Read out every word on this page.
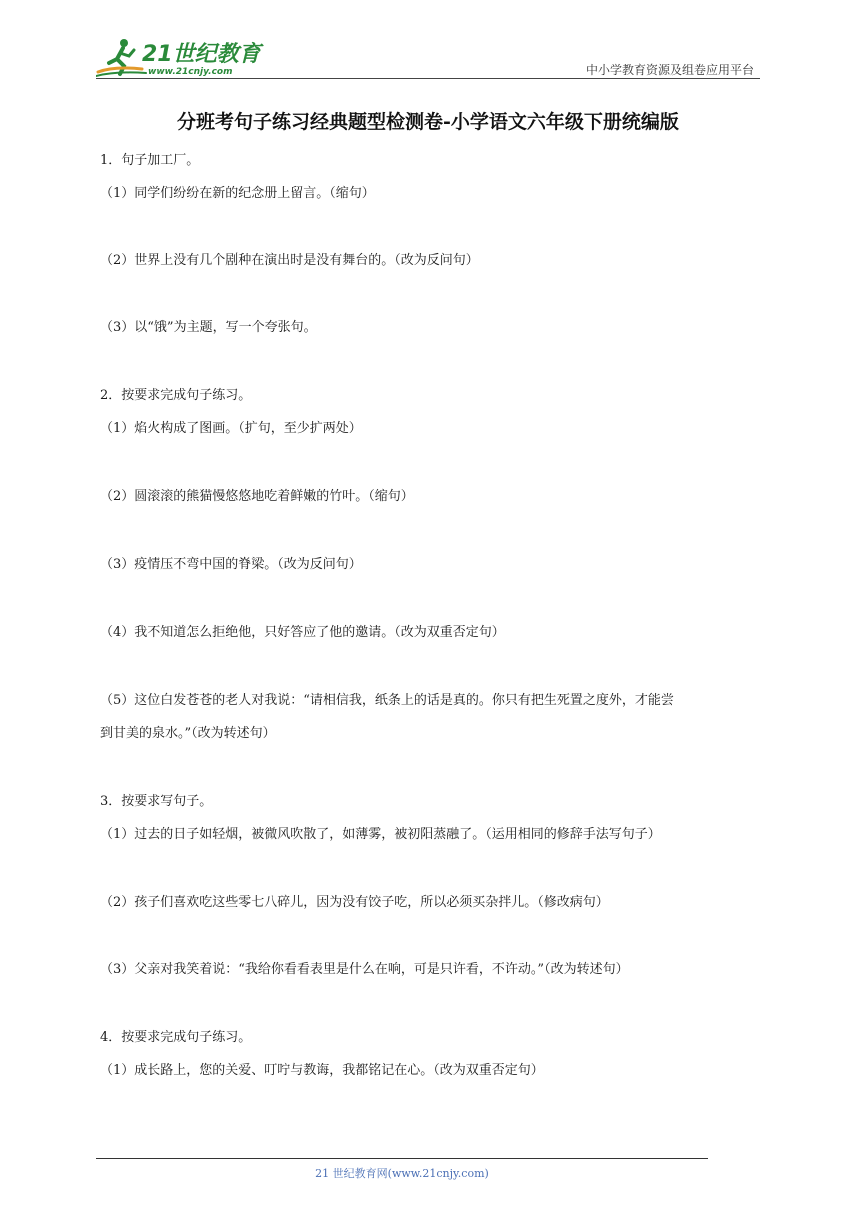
21世纪教育
www.21cnjy.com	中小学教育资源及组卷应用平台
分班考句子练习经典题型检测卷-小学语文六年级下册统编版
1．句子加工厂。
（1）同学们纷纷在新的纪念册上留言。（缩句）
（2）世界上没有几个剧种在演出时是没有舞台的。（改为反问句）
（3）以“饿”为主题，写一个夸张句。
2．按要求完成句子练习。
（1）焰火构成了图画。（扩句，至少扩两处）
（2）圆滚滚的熊猫慢悠悠地吃着鲜嫩的竹叶。（缩句）
（3）疫情压不弯中国的脊梁。（改为反问句）
（4）我不知道怎么拒绝他，只好答应了他的邀请。（改为双重否定句）
（5）这位白发苍苍的老人对我说：“请相信我，纸条上的话是真的。你只有把生死置之度外，才能尝
到甘美的泉水。”（改为转述句）
3．按要求写句子。
（1）过去的日子如轻烟，被微风吹散了，如薄雾，被初阳蒸融了。（运用相同的修辞手法写句子）
（2）孩子们喜欢吃这些零七八碎儿，因为没有饺子吃，所以必须买杂拌儿。（修改病句）
（3）父亲对我笑着说：“我给你看看表里是什么在响，可是只许看，不许动。”（改为转述句）
4．按要求完成句子练习。
（1）成长路上，您的关爱、叮咛与教诲，我都铭记在心。（改为双重否定句）
21 世纪教育网(www.21cnjy.com)
